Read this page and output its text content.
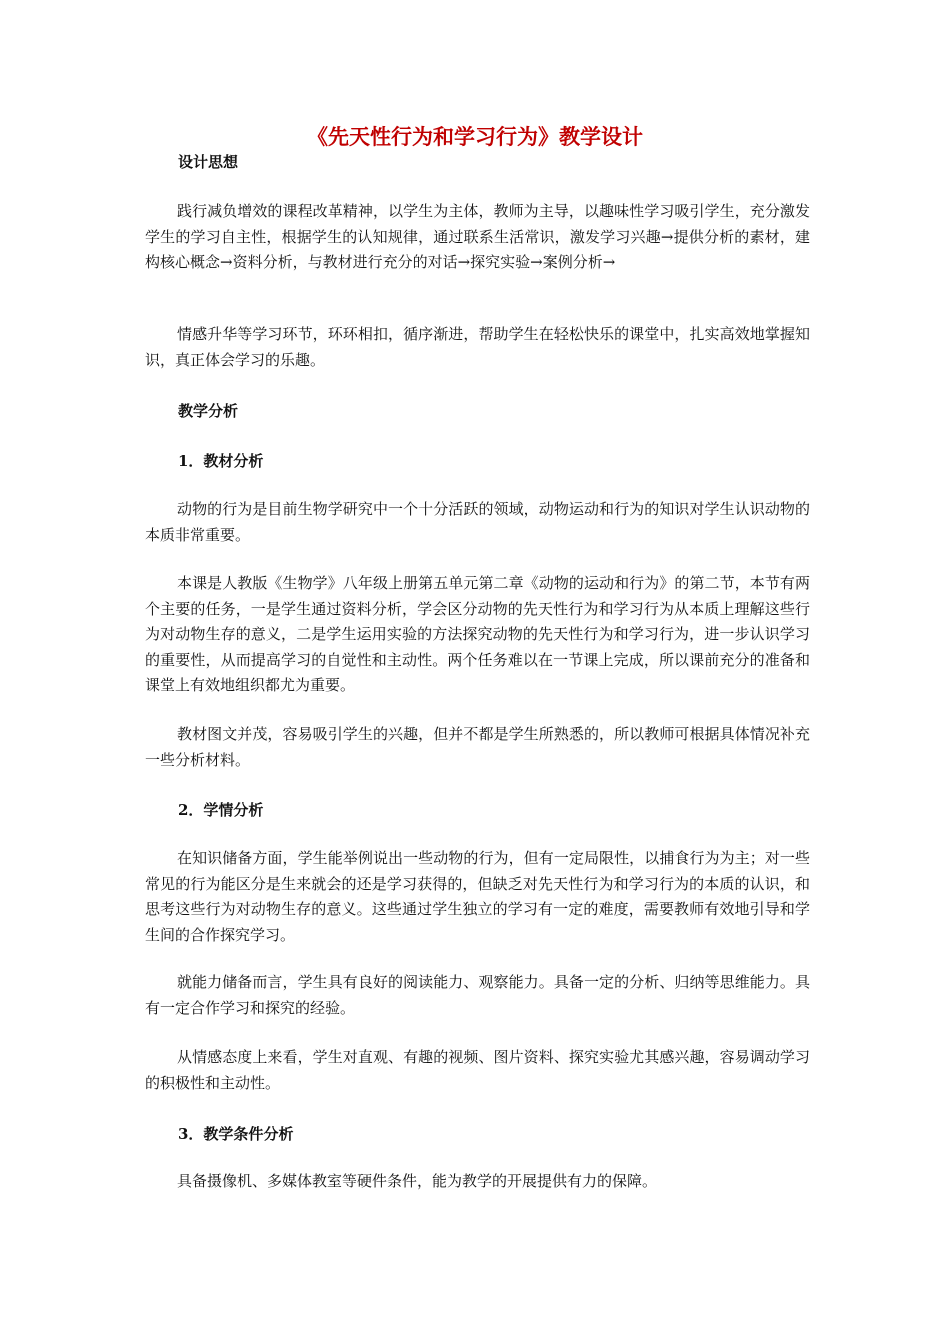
《先天性行为和学习行为》教学设计
设计思想
践行减负增效的课程改革精神，以学生为主体，教师为主导，以趣味性学习吸引学生，充分激发学生的学习自主性，根据学生的认知规律，通过联系生活常识，激发学习兴趣→提供分析的素材，建构核心概念→资料分析，与教材进行充分的对话→探究实验→案例分析→
情感升华等学习环节，环环相扣，循序渐进，帮助学生在轻松快乐的课堂中，扎实高效地掌握知识，真正体会学习的乐趣。
教学分析
1．教材分析
动物的行为是目前生物学研究中一个十分活跃的领域，动物运动和行为的知识对学生认识动物的本质非常重要。
本课是人教版《生物学》八年级上册第五单元第二章《动物的运动和行为》的第二节，本节有两个主要的任务，一是学生通过资料分析，学会区分动物的先天性行为和学习行为从本质上理解这些行为对动物生存的意义，二是学生运用实验的方法探究动物的先天性行为和学习行为，进一步认识学习的重要性，从而提高学习的自觉性和主动性。两个任务难以在一节课上完成，所以课前充分的准备和课堂上有效地组织都尤为重要。
教材图文并茂，容易吸引学生的兴趣，但并不都是学生所熟悉的，所以教师可根据具体情况补充一些分析材料。
2．学情分析
在知识储备方面，学生能举例说出一些动物的行为，但有一定局限性，以捕食行为为主；对一些常见的行为能区分是生来就会的还是学习获得的，但缺乏对先天性行为和学习行为的本质的认识，和思考这些行为对动物生存的意义。这些通过学生独立的学习有一定的难度，需要教师有效地引导和学生间的合作探究学习。
就能力储备而言，学生具有良好的阅读能力、观察能力。具备一定的分析、归纳等思维能力。具有一定合作学习和探究的经验。
从情感态度上来看，学生对直观、有趣的视频、图片资料、探究实验尤其感兴趣，容易调动学习的积极性和主动性。
3．教学条件分析
具备摄像机、多媒体教室等硬件条件，能为教学的开展提供有力的保障。
